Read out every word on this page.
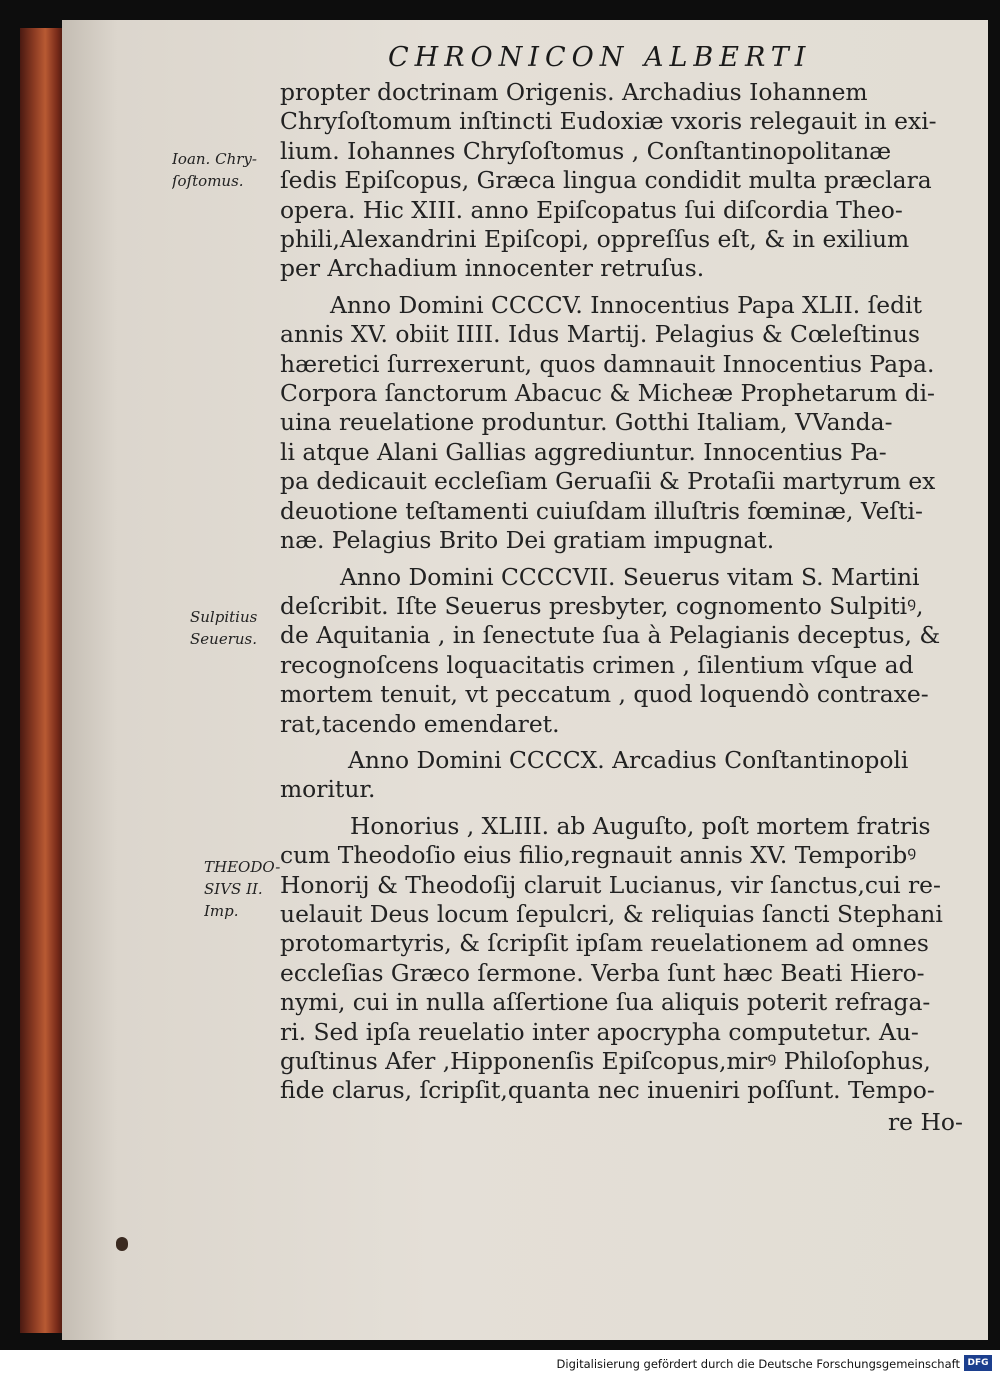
CHRONICON ALBERTI
Ioan. Chry-
ſoſtomus.
Sulpitius
Seuerus.
THEODO-
SIVS II.
Imp.
propter doctrinam Origenis. Archadius Iohannem
Chryſoſtomum inſtincti Eudoxiæ vxoris relegauit in exi-
lium. Iohannes Chryſoſtomus , Conſtantinopolitanæ
ſedis Epiſcopus, Græca lingua condidit multa præclara
opera. Hic XIII. anno Epiſcopatus ſui diſcordia Theo-
phili,Alexandrini Epiſcopi, oppreſſus eſt, & in exilium
per Archadium innocenter retruſus.
Anno Domini CCCCV. Innocentius Papa XLII. ſedit
annis XV. obiit IIII. Idus Martij. Pelagius & Cœleſtinus
hæretici ſurrexerunt, quos damnauit Innocentius Papa.
Corpora ſanctorum Abacuc & Micheæ Prophetarum di-
uina reuelatione produntur. Gotthi Italiam, VVanda-
li atque Alani Gallias aggrediuntur. Innocentius Pa-
pa dedicauit eccleſiam Geruaſii & Protaſii martyrum ex
deuotione teſtamenti cuiuſdam illuſtris fœminæ, Veſti-
næ. Pelagius Brito Dei gratiam impugnat.
Anno Domini CCCCVII. Seuerus vitam S. Martini
deſcribit. Iſte Seuerus presbyter, cognomento Sulpitiꝰ,
de Aquitania , in ſenectute ſua à Pelagianis deceptus, &
recognoſcens loquacitatis crimen , ſilentium vſque ad
mortem tenuit, vt peccatum , quod loquendò contraxe-
rat,tacendo emendaret.
Anno Domini CCCCX. Arcadius Conſtantinopoli
moritur.
Honorius , XLIII. ab Auguſto, poſt mortem fratris
cum Theodoſio eius filio,regnauit annis XV. Temporibꝰ
Honorij & Theodoſij claruit Lucianus, vir ſanctus,cui re-
uelauit Deus locum ſepulcri, & reliquias ſancti Stephani
protomartyris, & ſcripſit ipſam reuelationem ad omnes
eccleſias Græco ſermone. Verba ſunt hæc Beati Hiero-
nymi, cui in nulla aſſertione ſua aliquis poterit refraga-
ri. Sed ipſa reuelatio inter apocrypha computetur. Au-
guſtinus Afer ,Hipponenſis Epiſcopus,mirꝰ Philoſophus,
fide clarus, ſcripſit,quanta nec inueniri poſſunt. Tempo-
re Ho-
Digitalisierung gefördert durch die Deutsche Forschungsgemeinschaft DFG
